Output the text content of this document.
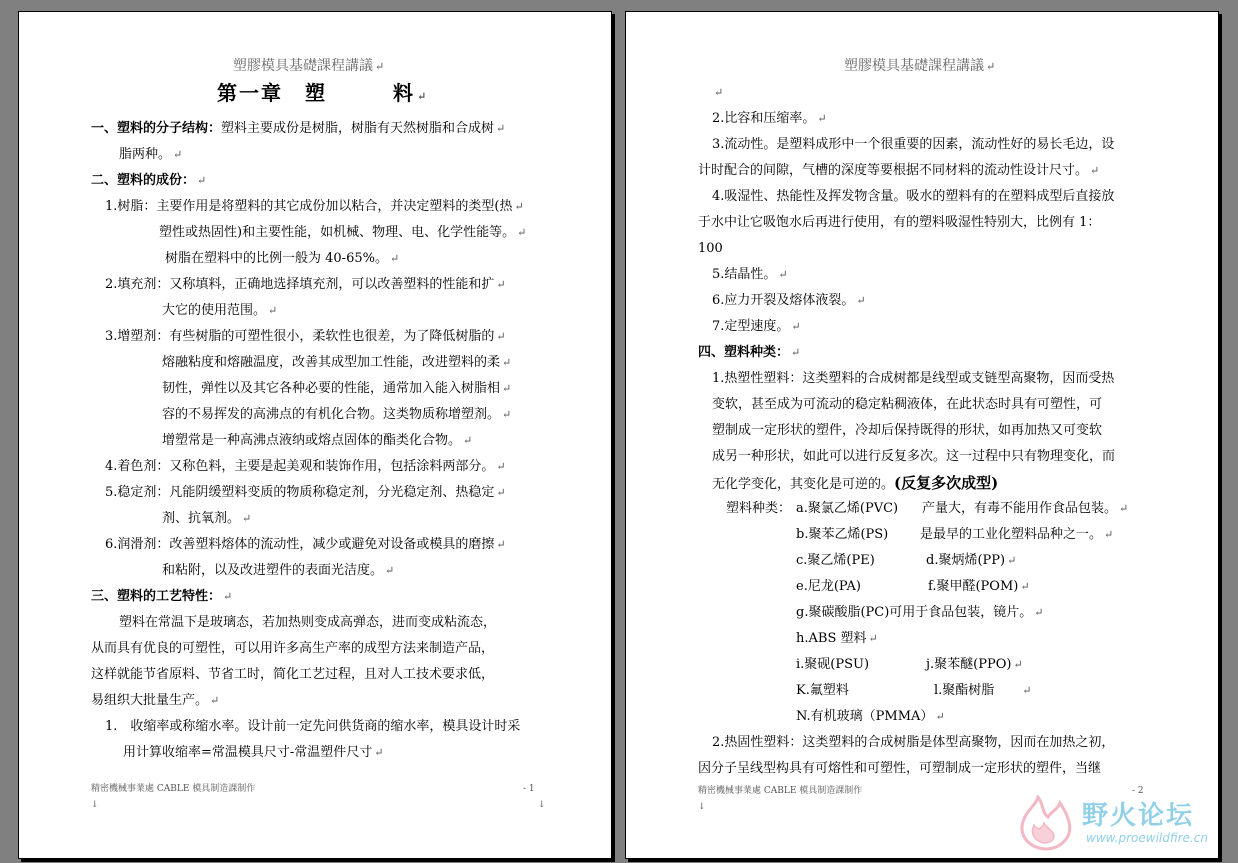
塑膠模具基礎課程講議 ↵
第一章　塑　　　料 ↵
一、塑料的分子结构：塑料主要成份是树脂，树脂有天然树脂和合成树 ↵
脂两种。 ↵
二、塑料的成份： ↵
1.树脂：主要作用是将塑料的其它成份加以粘合，并决定塑料的类型(热 ↵
塑性或热固性)和主要性能，如机械、物理、电、化学性能等。 ↵
树脂在塑料中的比例一般为 40-65%。 ↵
2.填充剂：又称填料，正确地选择填充剂，可以改善塑料的性能和扩 ↵
大它的使用范围。 ↵
3.增塑剂：有些树脂的可塑性很小，柔软性也很差，为了降低树脂的 ↵
熔融粘度和熔融温度，改善其成型加工性能，改进塑料的柔 ↵
韧性，弹性以及其它各种必要的性能，通常加入能入树脂相 ↵
容的不易挥发的高沸点的有机化合物。这类物质称增塑剂。 ↵
增塑常是一种高沸点液纳或熔点固体的酯类化合物。 ↵
4.着色剂：又称色料，主要是起美观和装饰作用，包括涂料两部分。 ↵
5.稳定剂：凡能阴缓塑料变质的物质称稳定剂，分光稳定剂、热稳定 ↵
剂、抗氧剂。 ↵
6.润滑剂：改善塑料熔体的流动性，减少或避免对设备或模具的磨擦 ↵
和粘附，以及改进塑件的表面光洁度。 ↵
三、塑料的工艺特性： ↵
塑料在常温下是玻璃态，若加热则变成高弹态，进而变成粘流态，
从而具有优良的可塑性，可以用许多高生产率的成型方法来制造产品，
这样就能节省原料、节省工时，简化工艺过程，且对人工技术要求低，
易组织大批量生产。 ↵
1.　收缩率或称缩水率。设计前一定先问供货商的缩水率，模具设计时采
用计算收缩率=常温模具尺寸-常温塑件尺寸 ↵
精密機械事業處 CABLE 模具制造課制作	- 1
↓	↓
塑膠模具基礎課程講議 ↵
↵
2.比容和压缩率。 ↵
3.流动性。是塑料成形中一个很重要的因素，流动性好的易长毛边，设
计时配合的间隙，气槽的深度等要根据不同材料的流动性设计尺寸。 ↵
4.吸湿性、热能性及挥发物含量。吸水的塑料有的在塑料成型后直接放
于水中让它吸饱水后再进行使用，有的塑料吸湿性特别大，比例有 1：
100
5.结晶性。 ↵
6.应力开裂及熔体液裂。 ↵
7.定型速度。 ↵
四、塑料种类： ↵
1.热塑性塑料：这类塑料的合成树都是线型或支链型高聚物，因而受热
变软，甚至成为可流动的稳定粘稠液体，在此状态时具有可塑性，可
塑制成一定形状的塑件，冷却后保持既得的形状，如再加热又可变软
成另一种形状，如此可以进行反复多次。这一过程中只有物理变化，而
无化学变化，其变化是可逆的。(反复多次成型)
塑料种类： a.聚氯乙烯(PVC) 产量大，有毒不能用作食品包装。 ↵
b.聚苯乙烯(PS) 是最早的工业化塑料品种之一。 ↵
c.聚乙烯(PE)	d.聚炳烯(PP) ↵
e.尼龙(PA)	f.聚甲醛(POM) ↵
g.聚碳酸脂(PC)可用于食品包装，镜片。 ↵
h.ABS 塑料 ↵
i.聚砚(PSU)	j.聚苯醚(PPO) ↵
K.氟塑料	l.聚酯树脂	↵
N.有机玻璃（PMMA） ↵
2.热固性塑料：这类塑料的合成树脂是体型高聚物，因而在加热之初，
因分子呈线型构具有可熔性和可塑性，可塑制成一定形状的塑件，当继
精密機械事業處 CABLE 模具制造課制作	- 2
↓	野火论坛
www.proewildfire.cn
